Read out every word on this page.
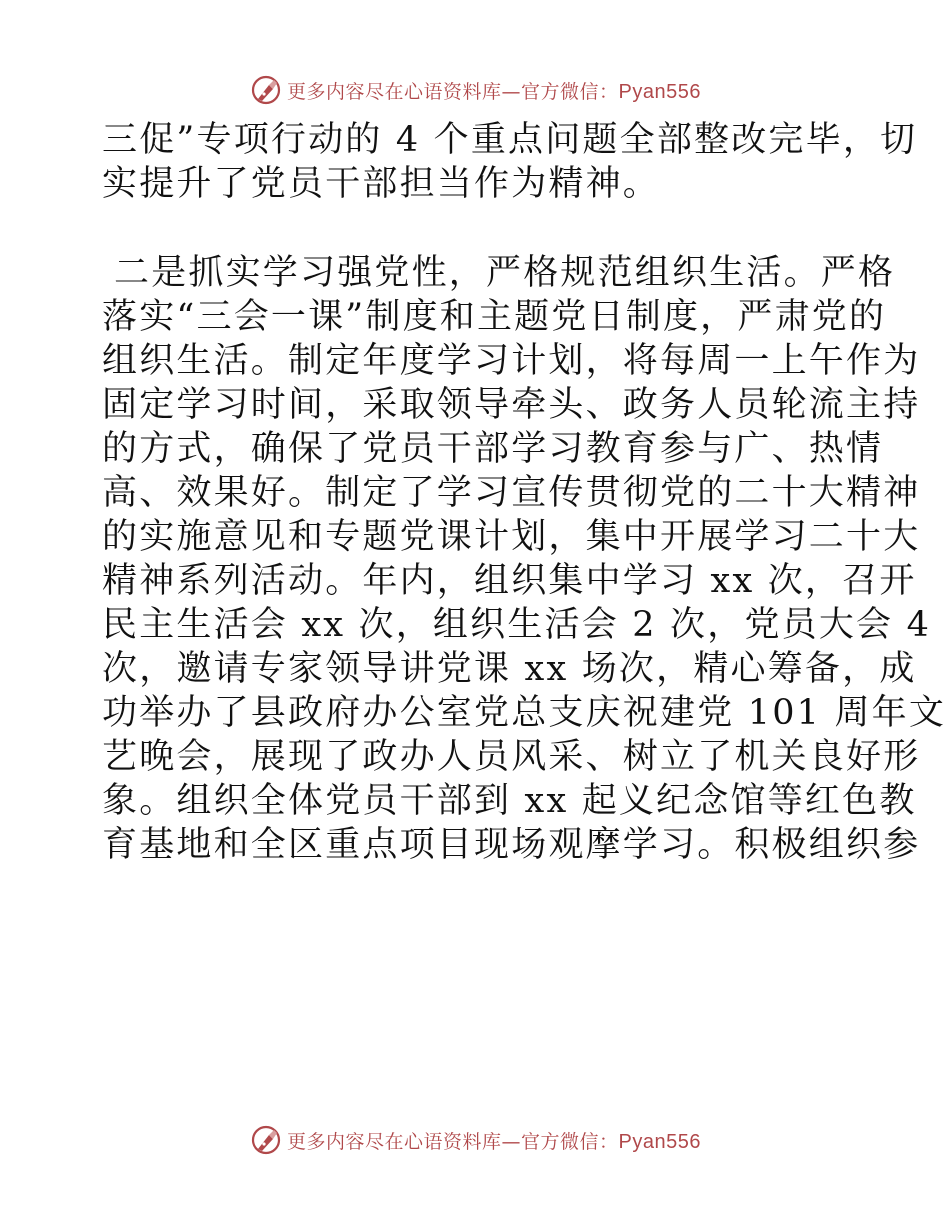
更多内容尽在心语资料库—官方微信：Pyan556
三促”专项行动的 4 个重点问题全部整改完毕，切
实提升了党员干部担当作为精神。
二是抓实学习强党性，严格规范组织生活。严格
落实“三会一课”制度和主题党日制度，严肃党的
组织生活。制定年度学习计划，将每周一上午作为
固定学习时间，采取领导牵头、政务人员轮流主持
的方式，确保了党员干部学习教育参与广、热情
高、效果好。制定了学习宣传贯彻党的二十大精神
的实施意见和专题党课计划，集中开展学习二十大
精神系列活动。年内，组织集中学习 xx 次，召开
民主生活会 xx 次，组织生活会 2 次，党员大会 4
次，邀请专家领导讲党课 xx 场次，精心筹备，成
功举办了县政府办公室党总支庆祝建党 101 周年文
艺晚会，展现了政办人员风采、树立了机关良好形
象。组织全体党员干部到 xx 起义纪念馆等红色教
育基地和全区重点项目现场观摩学习。积极组织参
更多内容尽在心语资料库—官方微信：Pyan556
